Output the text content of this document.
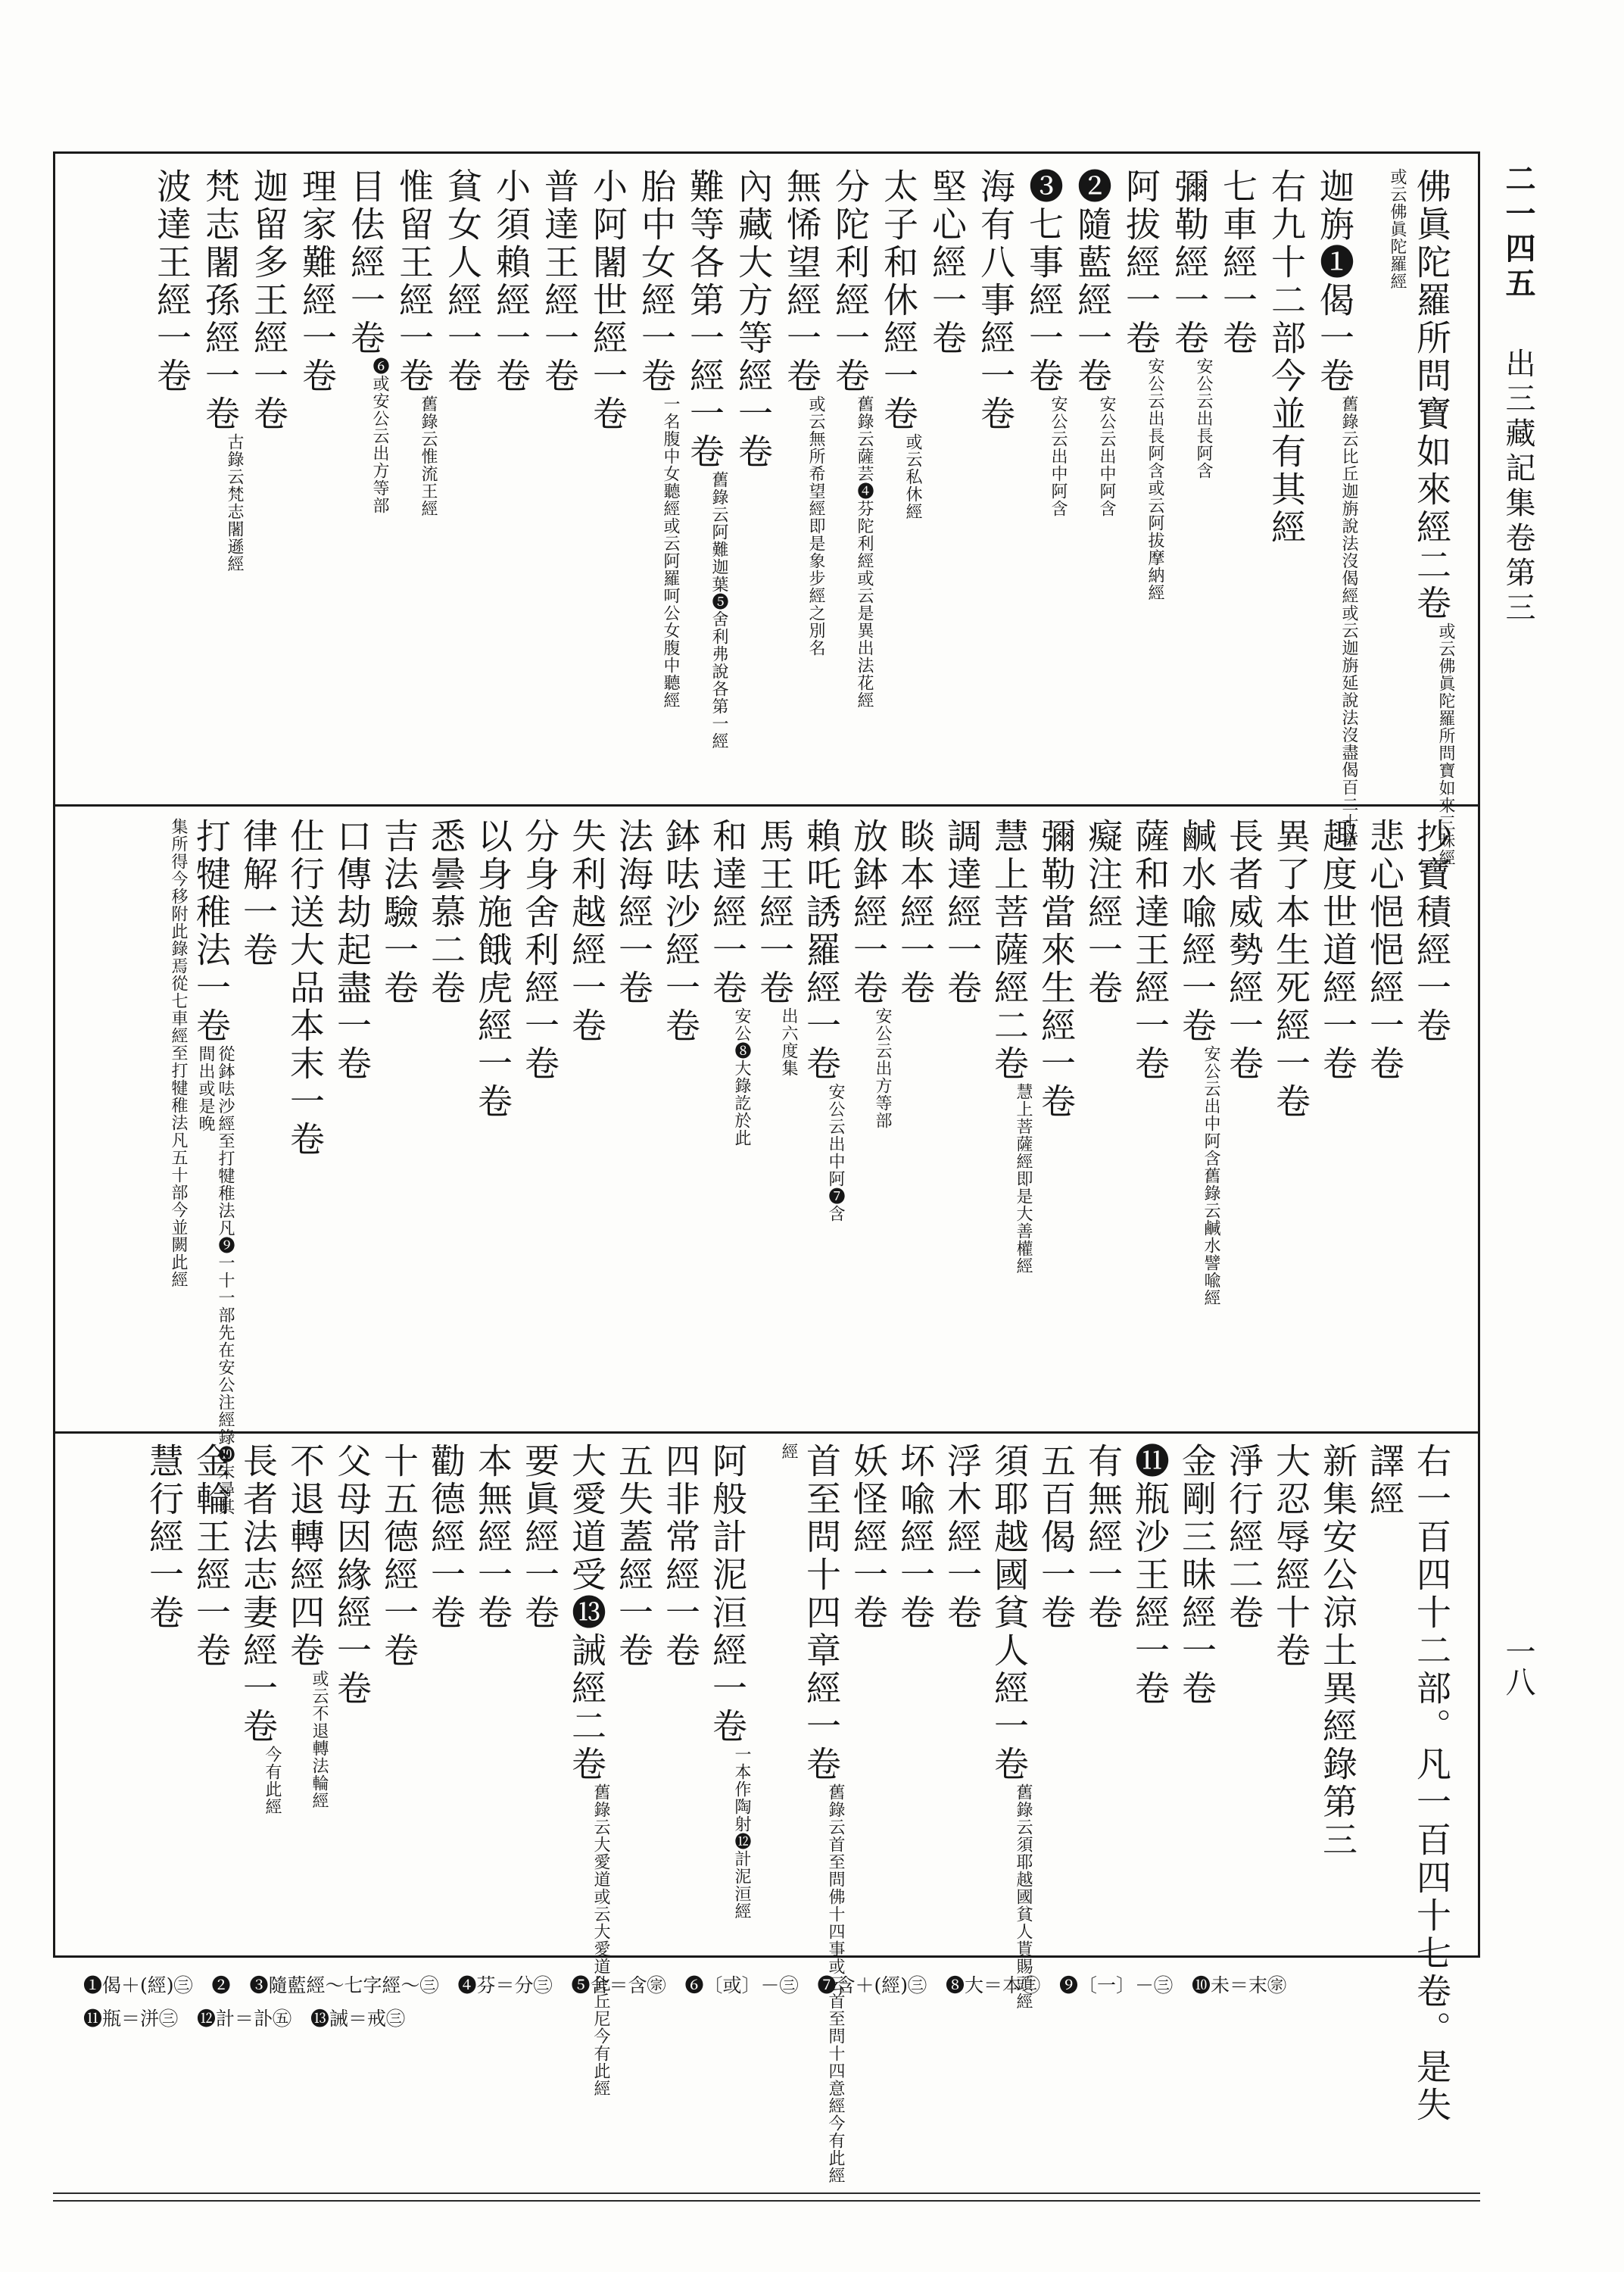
二一四五出三藏記集卷第三
一八
佛眞陀羅所問寶如來經二卷或云佛眞陀羅所問寶如來三昧經
或云佛眞陀羅經
迦旃❶偈一卷舊錄云比丘迦旃說法沒偈經或云迦旃延說法沒盡偈百二十章
右九十二部今並有其經
七車經一卷
彌勒經一卷安公云出長阿含
阿拔經一卷安公云出長阿含或云阿拔摩納經
❷隨藍經一卷安公云出中阿含
❸七事經一卷安公云出中阿含
海有八事經一卷
堅心經一卷
太子和休經一卷或云私休經
分陀利經一卷舊錄云薩芸❹芬陀利經或云是異出法花經
無悕望經一卷或云無所希望經即是象步經之別名
內藏大方等經一卷
難等各第一經一卷舊錄云阿難迦葉❺舍利弗說各第一經
胎中女經一卷一名腹中女聽經或云阿羅呵公女腹中聽經
小阿闍世經一卷
普達王經一卷
小須賴經一卷
貧女人經一卷
惟留王經一卷舊錄云惟流王經
目佉經一卷❻或安公云出方等部
理家難經一卷
迦留多王經一卷
梵志闍孫經一卷古錄云梵志闍遜經
波達王經一卷
抄寶積經一卷
悲心悒悒經一卷
趣度世道經一卷
異了本生死經一卷
長者威勢經一卷
鹹水喩經一卷安公云出中阿含舊錄云鹹水譬喩經
薩和達王經一卷
癡注經一卷
彌勒當來生經一卷
慧上菩薩經二卷慧上菩薩經即是大善權經
調達經一卷
睒本經一卷
放鉢經一卷安公云出方等部
賴吒誘羅經一卷安公云出中阿❼含
馬王經一卷出六度集
和達經一卷安公❽大錄訖於此
鉢呿沙經一卷
法海經一卷
失利越經一卷
分身舍利經一卷
以身施餓虎經一卷
悉曇慕二卷
吉法驗一卷
口傳劫起盡一卷
仕行送大品本末一卷
律解一卷
打犍稚法一卷從鉢呿沙經至打犍稚法凡❾一十一部先在安公注經錄❿末尋其間出或是晚
集所得今移附此錄焉從七車經至打犍稚法凡五十部今並闕此經
右一百四十二部。凡一百四十七卷。是失
譯經
新集安公涼土異經錄第三
大忍辱經十卷
淨行經二卷
金剛三昧經一卷
⓫瓶沙王經一卷
有無經一卷
五百偈一卷
須耶越國貧人經一卷舊錄云須耶越國貧人貰賜頭經
浮木經一卷
坏喩經一卷
妖怪經一卷
首至問十四章經一卷舊錄云首至問佛十四事或云首至問十四意經今有此經
經
阿般計泥洹經一卷一本作陶射⓬計泥洹經
四非常經一卷
五失蓋經一卷
大愛道受⓭誡經二卷舊錄云大愛道或云大愛道比丘尼今有此經
要眞經一卷
本無經一卷
勸德經一卷
十五德經一卷
父母因緣經一卷
不退轉經四卷或云不退轉法輪經
長者法志妻經一卷今有此經
金輪王經一卷
慧行經一卷
❶偈＋(經)㊂　❷　❸隨藍經〜七字經〜㊂　❹芬＝分㊂　❺舍＝含㊪　❻〔或〕－㊂　❼含＋(經)㊂　❽大＝本㊂　❾〔一〕－㊂　❿未＝末㊪
⓫瓶＝洴㊂　⓬計＝訃㊄　⓭誡＝戒㊂
